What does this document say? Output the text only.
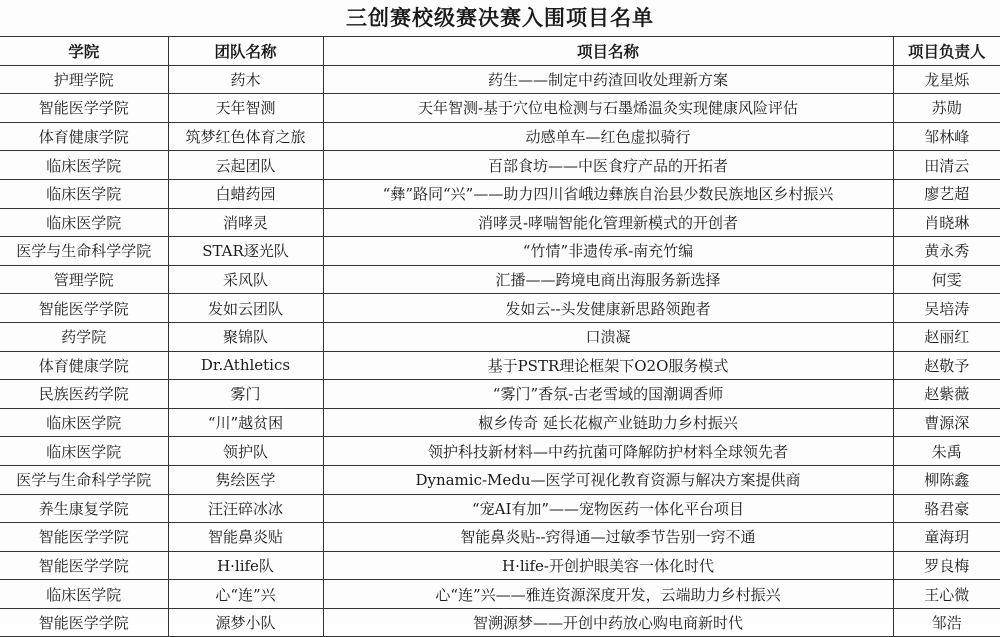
三创赛校级赛决赛入围项目名单
学院	团队名称	项目名称	项目负责人
护理学院	药木	药生——制定中药渣回收处理新方案	龙星烁
智能医学学院	天年智测	天年智测-基于穴位电检测与石墨烯温灸实现健康风险评估	苏勋
体育健康学院	筑梦红色体育之旅	动感单车—红色虚拟骑行	邹林峰
临床医学院	云起团队	百部食坊——中医食疗产品的开拓者	田清云
临床医学院	白蜡药园	“彝”路同“兴”——助力四川省峨边彝族自治县少数民族地区乡村振兴	廖艺超
临床医学院	消哮灵	消哮灵-哮喘智能化管理新模式的开创者	肖晓琳
医学与生命科学学院	STAR逐光队	“竹情”非遗传承-南充竹编	黄永秀
管理学院	采风队	汇播——跨境电商出海服务新选择	何雯
智能医学学院	发如云团队	发如云--头发健康新思路领跑者	吴培涛
药学院	聚锦队	口溃凝	赵丽红
体育健康学院	Dr.Athletics	基于PSTR理论框架下O2O服务模式	赵敬予
民族医药学院	雾门	“雾门”香氛-古老雪域的国潮调香师	赵紫薇
临床医学院	“川”越贫困	椒乡传奇 延长花椒产业链助力乡村振兴	曹源深
临床医学院	领护队	领护科技新材料—中药抗菌可降解防护材料全球领先者	朱禹
医学与生命科学学院	隽绘医学	Dynamic-Medu—医学可视化教育资源与解决方案提供商	柳陈鑫
养生康复学院	汪汪碎冰冰	“宠AI有加”——宠物医药一体化平台项目	骆君豪
智能医学学院	智能鼻炎贴	智能鼻炎贴--窍得通—过敏季节告别一窍不通	童海玥
智能医学学院	H·life队	H·life-开创护眼美容一体化时代	罗良梅
临床医学院	心“连”兴	心“连”兴——雅连资源深度开发，云端助力乡村振兴	王心微
智能医学学院	源梦小队	智溯源梦——开创中药放心购电商新时代	邹浩
